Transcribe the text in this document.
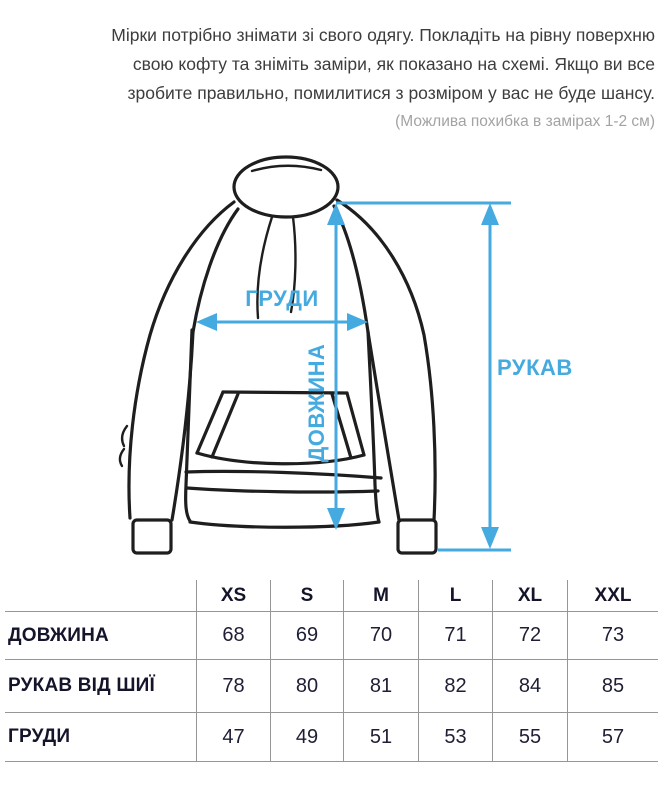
Мірки потрібно знімати зі свого одягу. Покладіть на рівну поверхню
свою кофту та зніміть заміри, як показано на схемі. Якщо ви все
зробите правильно, помилитися з розміром у вас не буде шансу.
(Можлива похибка в замірах 1-2 см)
ГРУДИ
ДОВЖИНА	РУКАВ
XS	S	M	L	XL	XXL
ДОВЖИНА	68	69	70	71	72	73
РУКАВ ВІД ШИЇ	78	80	81	82	84	85
ГРУДИ	47	49	51	53	55	57
